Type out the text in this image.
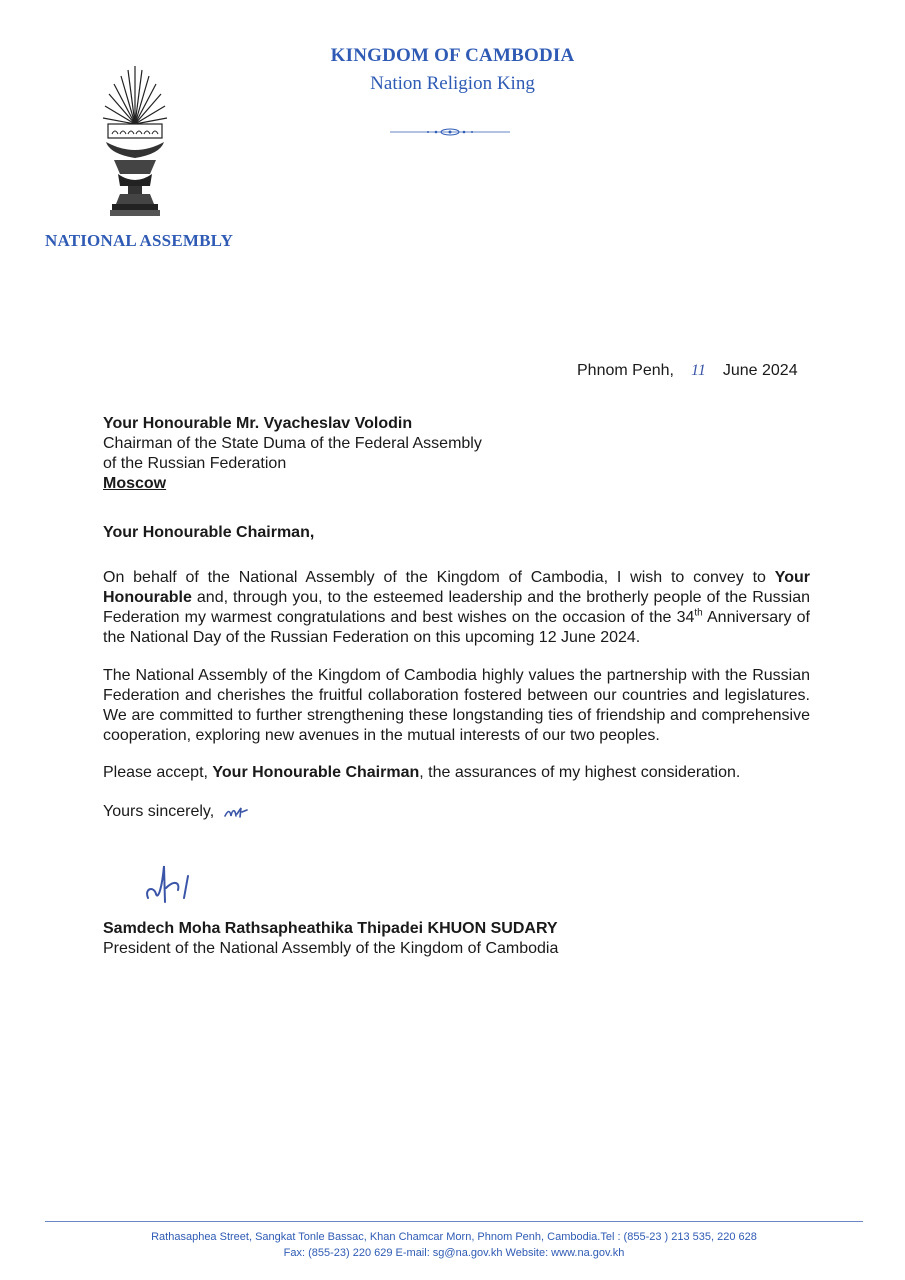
KINGDOM OF CAMBODIA
Nation Religion King
NATIONAL ASSEMBLY
Phnom Penh, 11 June 2024
Your Honourable Mr. Vyacheslav Volodin
Chairman of the State Duma of the Federal Assembly
of the Russian Federation
Moscow
Your Honourable Chairman,
On behalf of the National Assembly of the Kingdom of Cambodia, I wish to convey to Your Honourable and, through you, to the esteemed leadership and the brotherly people of the Russian Federation my warmest congratulations and best wishes on the occasion of the 34th Anniversary of the National Day of the Russian Federation on this upcoming 12 June 2024.
The National Assembly of the Kingdom of Cambodia highly values the partnership with the Russian Federation and cherishes the fruitful collaboration fostered between our countries and legislatures. We are committed to further strengthening these longstanding ties of friendship and comprehensive cooperation, exploring new avenues in the mutual interests of our two peoples.
Please accept, Your Honourable Chairman, the assurances of my highest consideration.
Yours sincerely,
Samdech Moha Rathsapheathika Thipadei KHUON SUDARY
President of the National Assembly of the Kingdom of Cambodia
Rathasaphea Street, Sangkat Tonle Bassac, Khan Chamcar Morn, Phnom Penh, Cambodia.Tel : (855-23 ) 213 535, 220 628
Fax: (855-23) 220 629 E-mail: sg@na.gov.kh Website: www.na.gov.kh
